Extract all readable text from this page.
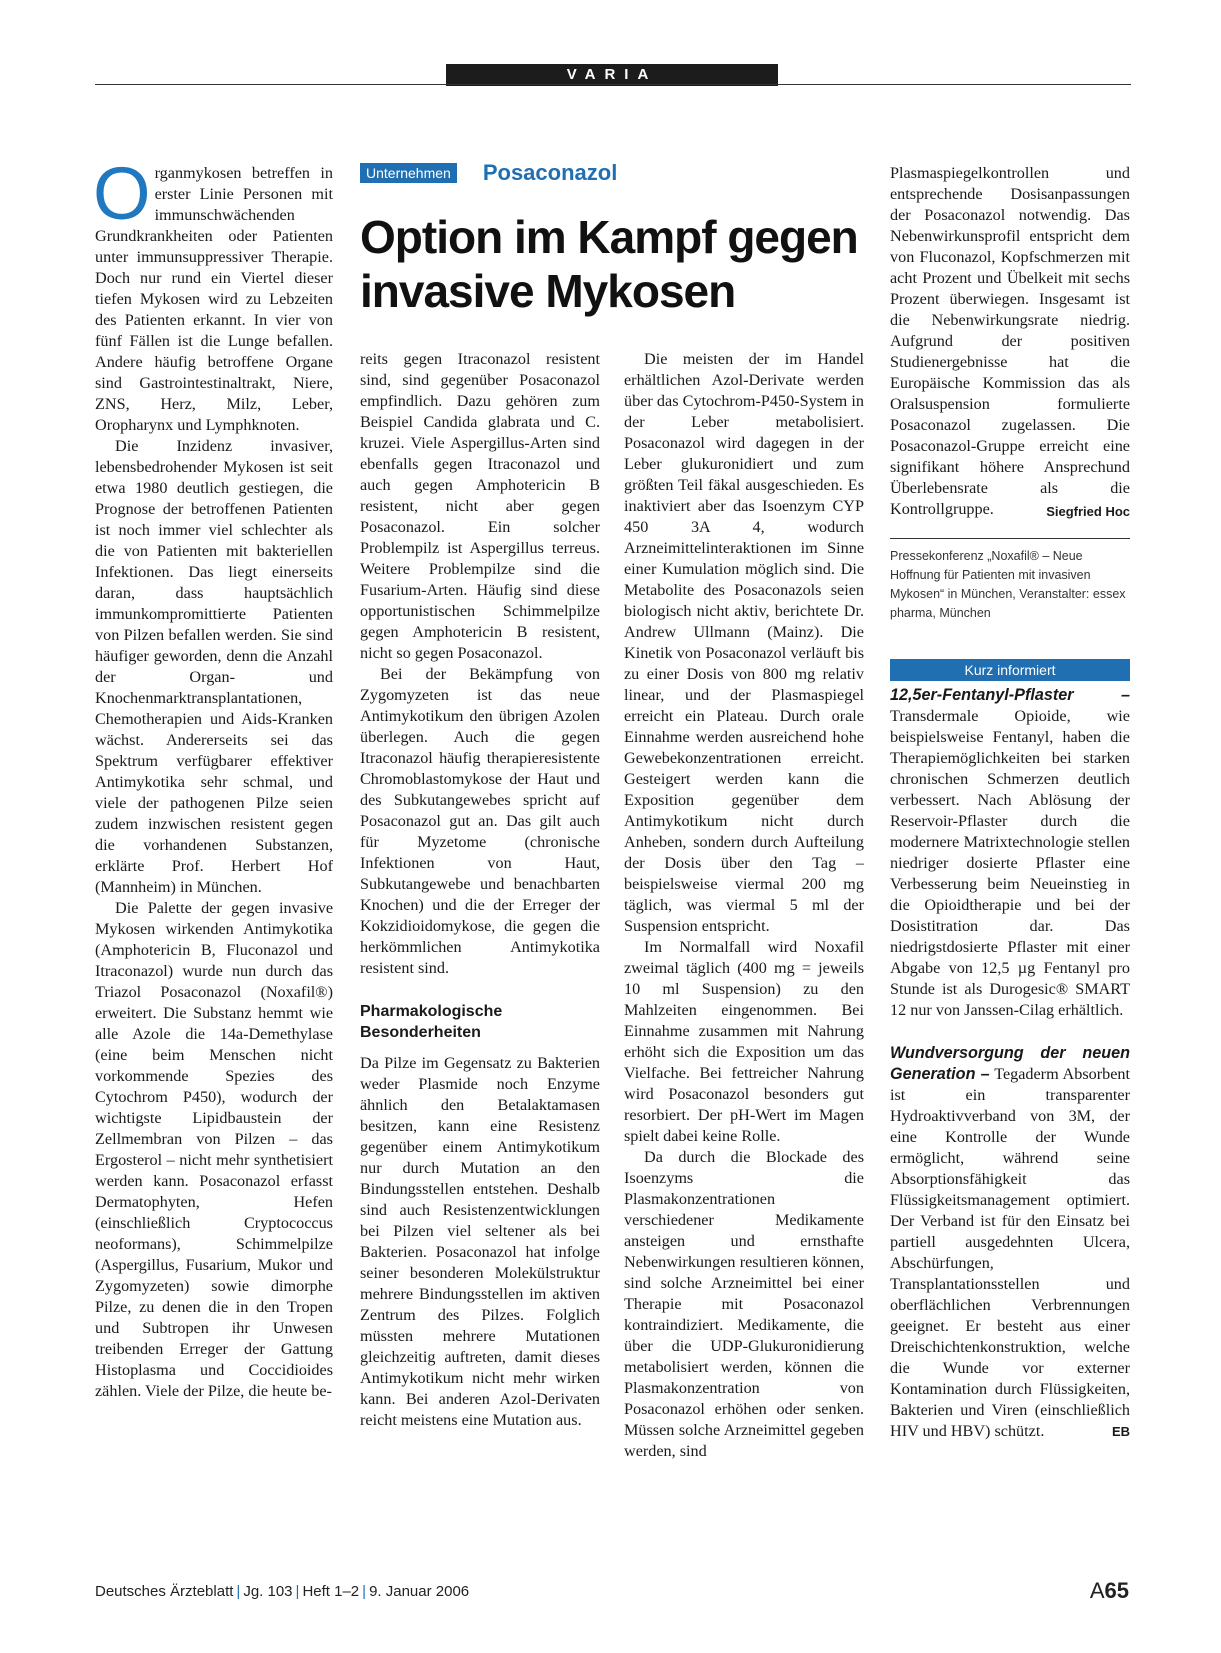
VARIA

Organmykosen betreffen in erster Linie Personen mit immunschwächenden Grundkrankheiten oder Patienten unter immunsuppressiver Therapie. Doch nur rund ein Viertel dieser tiefen Mykosen wird zu Lebzeiten des Patienten erkannt. In vier von fünf Fällen ist die Lunge befallen. Andere häufig betroffene Organe sind Gastrointestinaltrakt, Niere, ZNS, Herz, Milz, Leber, Oropharynx und Lymphknoten.

Die Inzidenz invasiver, lebensbedrohender Mykosen ist seit etwa 1980 deutlich gestiegen, die Prognose der betroffenen Patienten ist noch immer viel schlechter als die von Patienten mit bakteriellen Infektionen. Das liegt einerseits daran, dass hauptsächlich immunkompromittierte Patienten von Pilzen befallen werden. Sie sind häufiger geworden, denn die Anzahl der Organ- und Knochenmarktransplantationen, Chemotherapien und Aids-Kranken wächst. Andererseits sei das Spektrum verfügbarer effektiver Antimykotika sehr schmal, und viele der pathogenen Pilze seien zudem inzwischen resistent gegen die vorhandenen Substanzen, erklärte Prof. Herbert Hof (Mannheim) in München.

Die Palette der gegen invasive Mykosen wirkenden Antimykotika (Amphotericin B, Fluconazol und Itraconazol) wurde nun durch das Triazol Posaconazol (Noxafil®) erweitert. Die Substanz hemmt wie alle Azole die 14a-Demethylase (eine beim Menschen nicht vorkommende Spezies des Cytochrom P450), wodurch der wichtigste Lipidbaustein der Zellmembran von Pilzen – das Ergosterol – nicht mehr synthetisiert werden kann. Posaconazol erfasst Dermatophyten, Hefen (einschließlich Cryptococcus neoformans), Schimmelpilze (Aspergillus, Fusarium, Mukor und Zygomyzeten) sowie dimorphe Pilze, zu denen die in den Tropen und Subtropen ihr Unwesen treibenden Erreger der Gattung Histoplasma und Coccidioides zählen. Viele der Pilze, die heute be-

Unternehmen Posaconazol
Option im Kampf gegen invasive Mykosen

reits gegen Itraconazol resistent sind, sind gegenüber Posaconazol empfindlich. Dazu gehören zum Beispiel Candida glabrata und C. kruzei. Viele Aspergillus-Arten sind ebenfalls gegen Itraconazol und auch gegen Amphotericin B resistent, nicht aber gegen Posaconazol. Ein solcher Problempilz ist Aspergillus terreus. Weitere Problempilze sind die Fusarium-Arten. Häufig sind diese opportunistischen Schimmelpilze gegen Amphotericin B resistent, nicht so gegen Posaconazol.

Bei der Bekämpfung von Zygomyzeten ist das neue Antimykotikum den übrigen Azolen überlegen. Auch die gegen Itraconazol häufig therapieresistente Chromoblastomykose der Haut und des Subkutangewebes spricht auf Posaconazol gut an. Das gilt auch für Myzetome (chronische Infektionen von Haut, Subkutangewebe und benachbarten Knochen) und die der Erreger der Kokzidioidomykose, die gegen die herkömmlichen Antimykotika resistent sind.

Pharmakologische Besonderheiten

Da Pilze im Gegensatz zu Bakterien weder Plasmide noch Enzyme ähnlich den Betalaktamasen besitzen, kann eine Resistenz gegenüber einem Antimykotikum nur durch Mutation an den Bindungsstellen entstehen. Deshalb sind auch Resistenzentwicklungen bei Pilzen viel seltener als bei Bakterien. Posaconazol hat infolge seiner besonderen Molekülstruktur mehrere Bindungsstellen im aktiven Zentrum des Pilzes. Folglich müssten mehrere Mutationen gleichzeitig auftreten, damit dieses Antimykotikum nicht mehr wirken kann. Bei anderen Azol-Derivaten reicht meistens eine Mutation aus.

Die meisten der im Handel erhältlichen Azol-Derivate werden über das Cytochrom-P450-System in der Leber metabolisiert. Posaconazol wird dagegen in der Leber glukuronidiert und zum größten Teil fäkal ausgeschieden. Es inaktiviert aber das Isoenzym CYP 450 3A 4, wodurch Arzneimittelinteraktionen im Sinne einer Kumulation möglich sind. Die Metabolite des Posaconazols seien biologisch nicht aktiv, berichtete Dr. Andrew Ullmann (Mainz). Die Kinetik von Posaconazol verläuft bis zu einer Dosis von 800 mg relativ linear, und der Plasmaspiegel erreicht ein Plateau. Durch orale Einnahme werden ausreichend hohe Gewebekonzentrationen erreicht. Gesteigert werden kann die Exposition gegenüber dem Antimykotikum nicht durch Anheben, sondern durch Aufteilung der Dosis über den Tag – beispielsweise viermal 200 mg täglich, was viermal 5 ml der Suspension entspricht.

Im Normalfall wird Noxafil zweimal täglich (400 mg = jeweils 10 ml Suspension) zu den Mahlzeiten eingenommen. Bei Einnahme zusammen mit Nahrung erhöht sich die Exposition um das Vielfache. Bei fettreicher Nahrung wird Posaconazol besonders gut resorbiert. Der pH-Wert im Magen spielt dabei keine Rolle.

Da durch die Blockade des Isoenzyms die Plasmakonzentrationen verschiedener Medikamente ansteigen und ernsthafte Nebenwirkungen resultieren können, sind solche Arzneimittel bei einer Therapie mit Posaconazol kontraindiziert. Medikamente, die über die UDP-Glukuronidierung metabolisiert werden, können die Plasmakonzentration von Posaconazol erhöhen oder senken. Müssen solche Arzneimittel gegeben werden, sind

Plasmaspiegelkontrollen und entsprechende Dosisanpassungen der Posaconazol notwendig. Das Nebenwirkunsprofil entspricht dem von Fluconazol, Kopfschmerzen mit acht Prozent und Übelkeit mit sechs Prozent überwiegen. Insgesamt ist die Nebenwirkungsrate niedrig. Aufgrund der positiven Studienergebnisse hat die Europäische Kommission das als Oralsuspension formulierte Posaconazol zugelassen. Die Posaconazol-Gruppe erreicht eine signifikant höhere Ansprechund Überlebensrate als die Kontrollgruppe.	Siegfried Hoc

Pressekonferenz „Noxafil® – Neue Hoffnung für Patienten mit invasiven Mykosen“ in München, Veranstalter: essex pharma, München
Kurz informiert

12,5er-Fentanyl-Pflaster – Transdermale Opioide, wie beispielsweise Fentanyl, haben die Therapiemöglichkeiten bei starken chronischen Schmerzen deutlich verbessert. Nach Ablösung der Reservoir-Pflaster durch die modernere Matrixtechnologie stellen niedriger dosierte Pflaster eine Verbesserung beim Neueinstieg in die Opioidtherapie und bei der Dosistitration dar. Das niedrigstdosierte Pflaster mit einer Abgabe von 12,5 µg Fentanyl pro Stunde ist als Durogesic® SMART 12 nur von Janssen-Cilag erhältlich.

Wundversorgung der neuen Generation – Tegaderm Absorbent ist ein transparenter Hydroaktivverband von 3M, der eine Kontrolle der Wunde ermöglicht, während seine Absorptionsfähigkeit das Flüssigkeitsmanagement optimiert. Der Verband ist für den Einsatz bei partiell ausgedehnten Ulcera, Abschürfungen, Transplantationsstellen und oberflächlichen Verbrennungen geeignet. Er besteht aus einer Dreischichtenkonstruktion, welche die Wunde vor externer Kontamination durch Flüssigkeiten, Bakterien und Viren (einschließlich HIV und HBV) schützt.	EB

Deutsches Ärzteblatt | Jg. 103 | Heft 1–2 | 9. Januar 2006	A65
